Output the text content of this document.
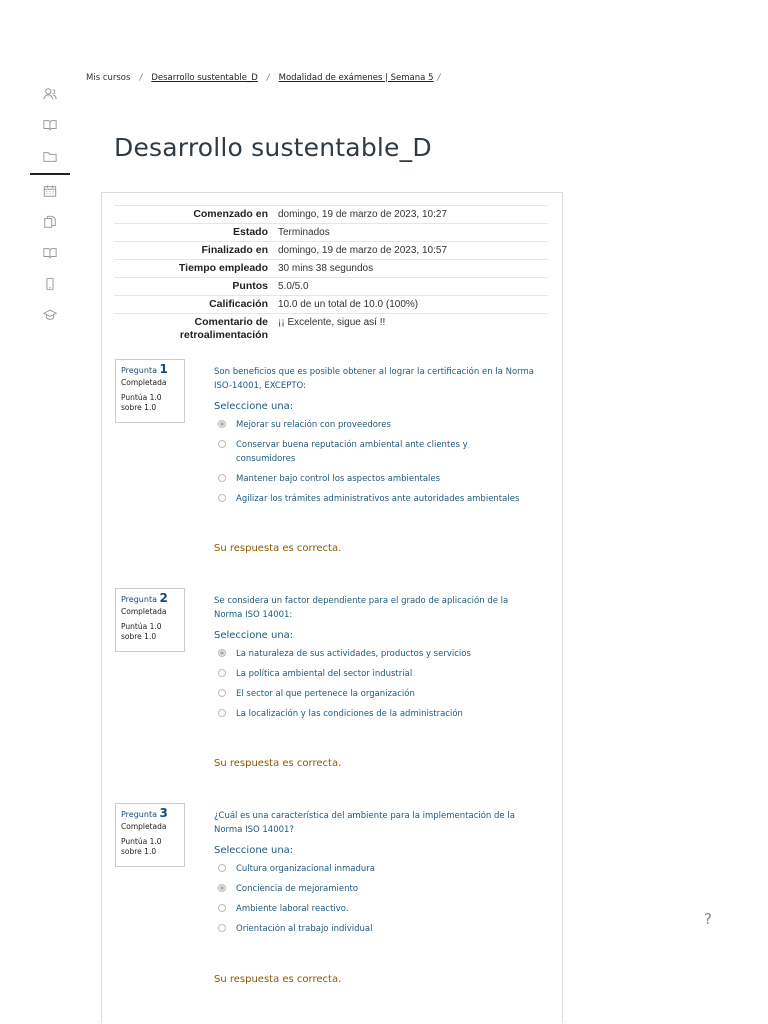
Mis cursos / Desarrollo sustentable_D / Modalidad de exámenes | Semana 5 /
Desarrollo sustentable_D
Comenzado en	domingo, 19 de marzo de 2023, 10:27
Estado	Terminados
Finalizado en	domingo, 19 de marzo de 2023, 10:57
Tiempo empleado	30 mins 38 segundos
Puntos	5.0/5.0
Calificación	10.0 de un total de 10.0 (100%)
Comentario de retroalimentación	¡¡ Excelente, sigue así !!
Pregunta 1
Completada
Puntúa 1.0 sobre 1.0
Son beneficios que es posible obtener al lograr la certificación en la Norma ISO-14001, EXCEPTO:
Seleccione una:
Mejorar su relación con proveedores
Conservar buena reputación ambiental ante clientes y consumidores
Mantener bajo control los aspectos ambientales
Agilizar los trámites administrativos ante autoridades ambientales
Su respuesta es correcta.
Pregunta 2
Completada
Puntúa 1.0 sobre 1.0
Se considera un factor dependiente para el grado de aplicación de la Norma ISO 14001:
Seleccione una:
La naturaleza de sus actividades, productos y servicios
La política ambiental del sector industrial
El sector al que pertenece la organización
La localización y las condiciones de la administración
Su respuesta es correcta.
Pregunta 3
Completada
Puntúa 1.0 sobre 1.0
¿Cuál es una característica del ambiente para la implementación de la Norma ISO 14001?
Seleccione una:
Cultura organizacional inmadura
Conciencia de mejoramiento
Ambiente laboral reactivo.
Orientación al trabajo individual
Su respuesta es correcta.
?
